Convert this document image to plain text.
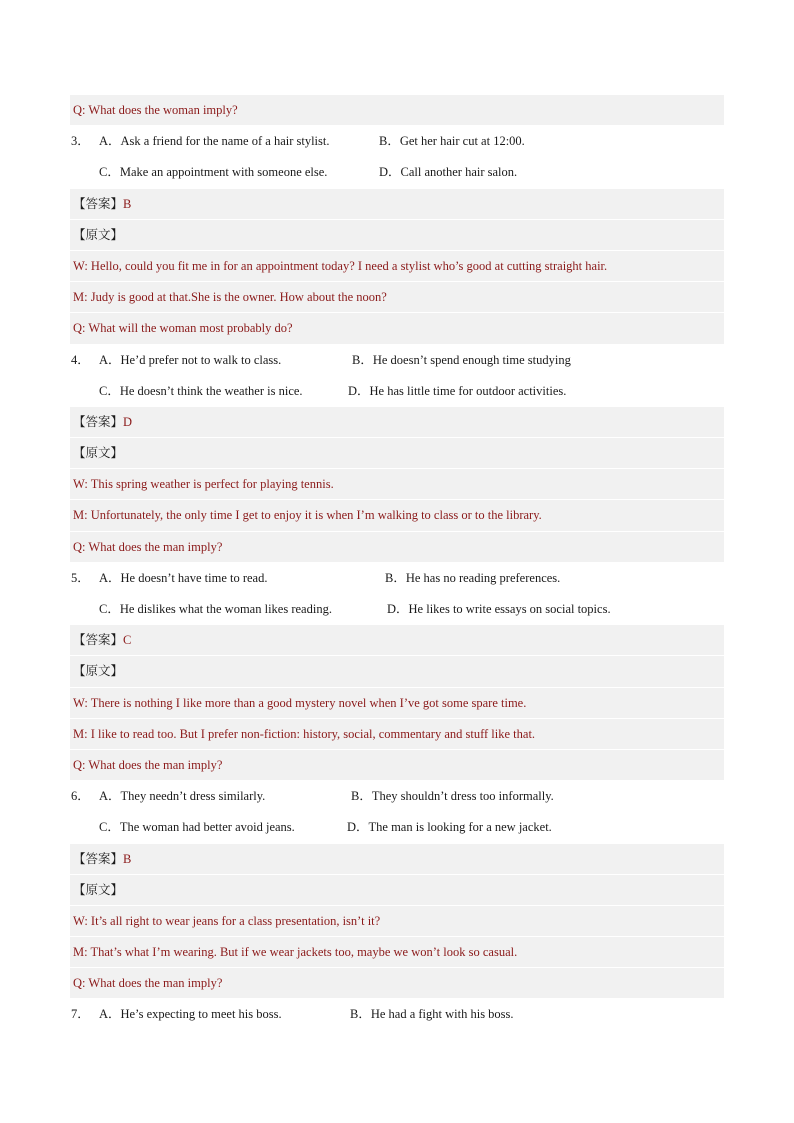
Q: What does the woman imply?
3． A．Ask a friend for the name of a hair stylist.	B．Get her hair cut at 12:00.
C．Make an appointment with someone else.	D．Call another hair salon.
【答案】B
【原文】
W: Hello, could you fit me in for an appointment today? I need a stylist who’s good at cutting straight hair.
M: Judy is good at that.She is the owner. How about the noon?
Q: What will the woman most probably do?
4． A．He’d prefer not to walk to class.	B．He doesn’t spend enough time studying
C．He doesn’t think the weather is nice.	D．He has little time for outdoor activities.
【答案】D
【原文】
W: This spring weather is perfect for playing tennis.
M: Unfortunately, the only time I get to enjoy it is when I’m walking to class or to the library.
Q: What does the man imply?
5． A．He doesn’t have time to read.	B．He has no reading preferences.
C．He dislikes what the woman likes reading.	D．He likes to write essays on social topics.
【答案】C
【原文】
W: There is nothing I like more than a good mystery novel when I’ve got some spare time.
M: I like to read too. But I prefer non-fiction: history, social, commentary and stuff like that.
Q: What does the man imply?
6． A．They needn’t dress similarly.	B．They shouldn’t dress too informally.
C．The woman had better avoid jeans.	D．The man is looking for a new jacket.
【答案】B
【原文】
W: It’s all right to wear jeans for a class presentation, isn’t it?
M: That’s what I’m wearing. But if we wear jackets too, maybe we won’t look so casual.
Q: What does the man imply?
7． A．He’s expecting to meet his boss.	B．He had a fight with his boss.
